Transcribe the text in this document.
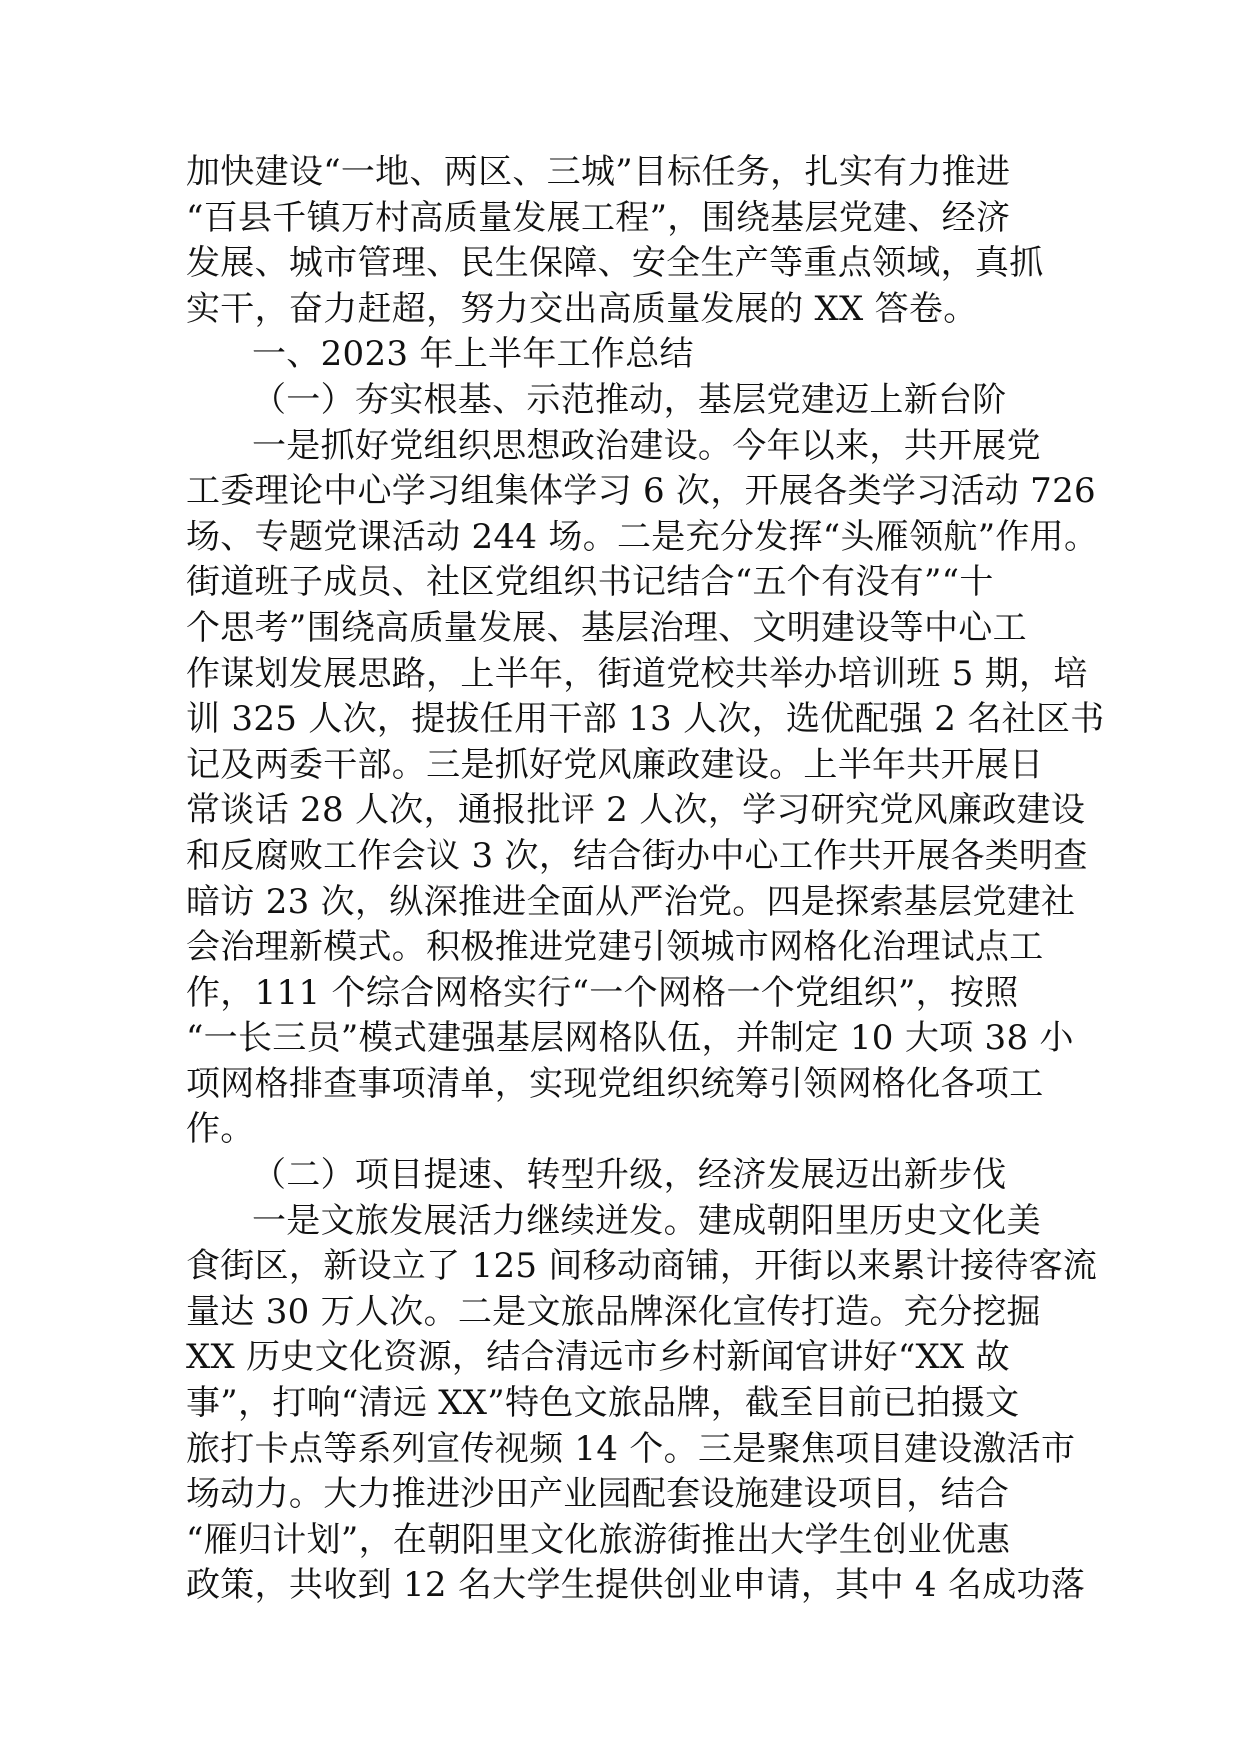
加快建设“一地、两区、三城”目标任务，扎实有力推进
“百县千镇万村高质量发展工程”，围绕基层党建、经济
发展、城市管理、民生保障、安全生产等重点领域，真抓
实干，奋力赶超，努力交出高质量发展的 XX 答卷。
一、2023 年上半年工作总结
（一）夯实根基、示范推动，基层党建迈上新台阶
一是抓好党组织思想政治建设。今年以来，共开展党
工委理论中心学习组集体学习 6 次，开展各类学习活动 726
场、专题党课活动 244 场。二是充分发挥“头雁领航”作用。
街道班子成员、社区党组织书记结合“五个有没有”“十
个思考”围绕高质量发展、基层治理、文明建设等中心工
作谋划发展思路，上半年，街道党校共举办培训班 5 期，培
训 325 人次，提拔任用干部 13 人次，选优配强 2 名社区书
记及两委干部。三是抓好党风廉政建设。上半年共开展日
常谈话 28 人次，通报批评 2 人次，学习研究党风廉政建设
和反腐败工作会议 3 次，结合街办中心工作共开展各类明查
暗访 23 次，纵深推进全面从严治党。四是探索基层党建社
会治理新模式。积极推进党建引领城市网格化治理试点工
作，111 个综合网格实行“一个网格一个党组织”，按照
“一长三员”模式建强基层网格队伍，并制定 10 大项 38 小
项网格排查事项清单，实现党组织统筹引领网格化各项工
作。
（二）项目提速、转型升级，经济发展迈出新步伐
一是文旅发展活力继续迸发。建成朝阳里历史文化美
食街区，新设立了 125 间移动商铺，开街以来累计接待客流
量达 30 万人次。二是文旅品牌深化宣传打造。充分挖掘
XX 历史文化资源，结合清远市乡村新闻官讲好“XX 故
事”，打响“清远 XX”特色文旅品牌，截至目前已拍摄文
旅打卡点等系列宣传视频 14 个。三是聚焦项目建设激活市
场动力。大力推进沙田产业园配套设施建设项目，结合
“雁归计划”，在朝阳里文化旅游街推出大学生创业优惠
政策，共收到 12 名大学生提供创业申请，其中 4 名成功落
